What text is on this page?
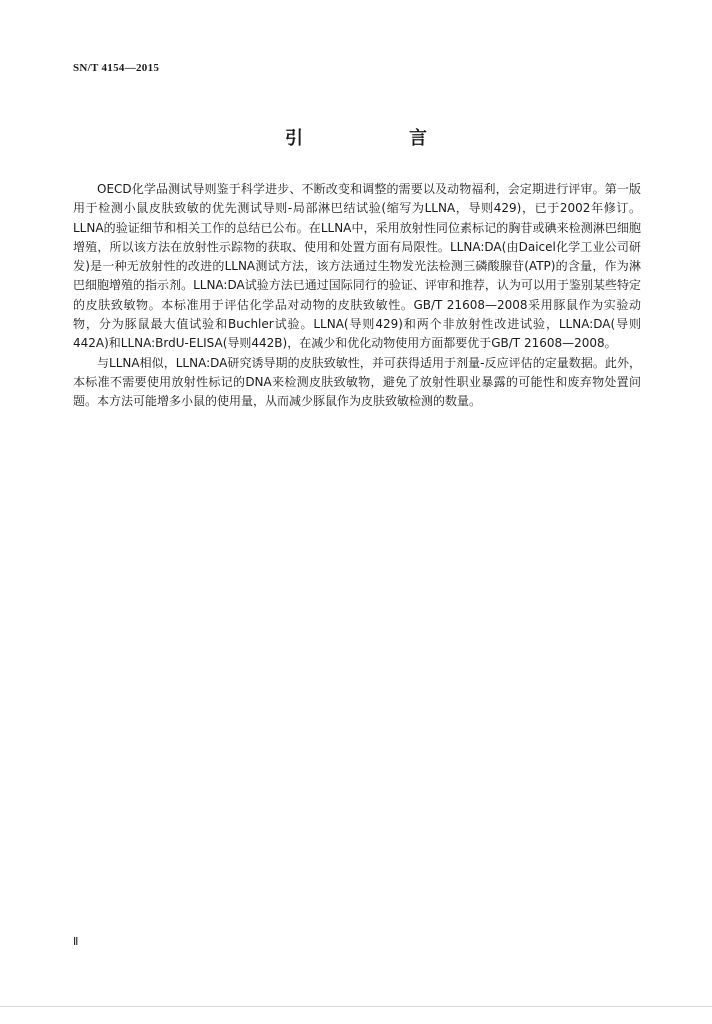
SN/T 4154—2015
引　言

OECD化学品测试导则鉴于科学进步、不断改变和调整的需要以及动物福利，会定期进行评审。第一版用于检测小鼠皮肤致敏的优先测试导则-局部淋巴结试验(缩写为LLNA，导则429)，已于2002年修订。LLNA的验证细节和相关工作的总结已公布。在LLNA中，采用放射性同位素标记的胸苷或碘来检测淋巴细胞增殖，所以该方法在放射性示踪物的获取、使用和处置方面有局限性。LLNA:DA(由Daicel化学工业公司研发)是一种无放射性的改进的LLNA测试方法，该方法通过生物发光法检测三磷酸腺苷(ATP)的含量，作为淋巴细胞增殖的指示剂。LLNA:DA试验方法已通过国际同行的验证、评审和推荐，认为可以用于鉴别某些特定的皮肤致敏物。本标准用于评估化学品对动物的皮肤致敏性。GB/T 21608—2008采用豚鼠作为实验动物，分为豚鼠最大值试验和Buchler试验。LLNA(导则429)和两个非放射性改进试验，LLNA:DA(导则442A)和LLNA:BrdU-ELISA(导则442B)，在减少和优化动物使用方面都要优于GB/T 21608—2008。

与LLNA相似，LLNA:DA研究诱导期的皮肤致敏性，并可获得适用于剂量-反应评估的定量数据。此外，本标准不需要使用放射性标记的DNA来检测皮肤致敏物，避免了放射性职业暴露的可能性和废弃物处置问题。本方法可能增多小鼠的使用量，从而减少豚鼠作为皮肤致敏检测的数量。

Ⅱ
